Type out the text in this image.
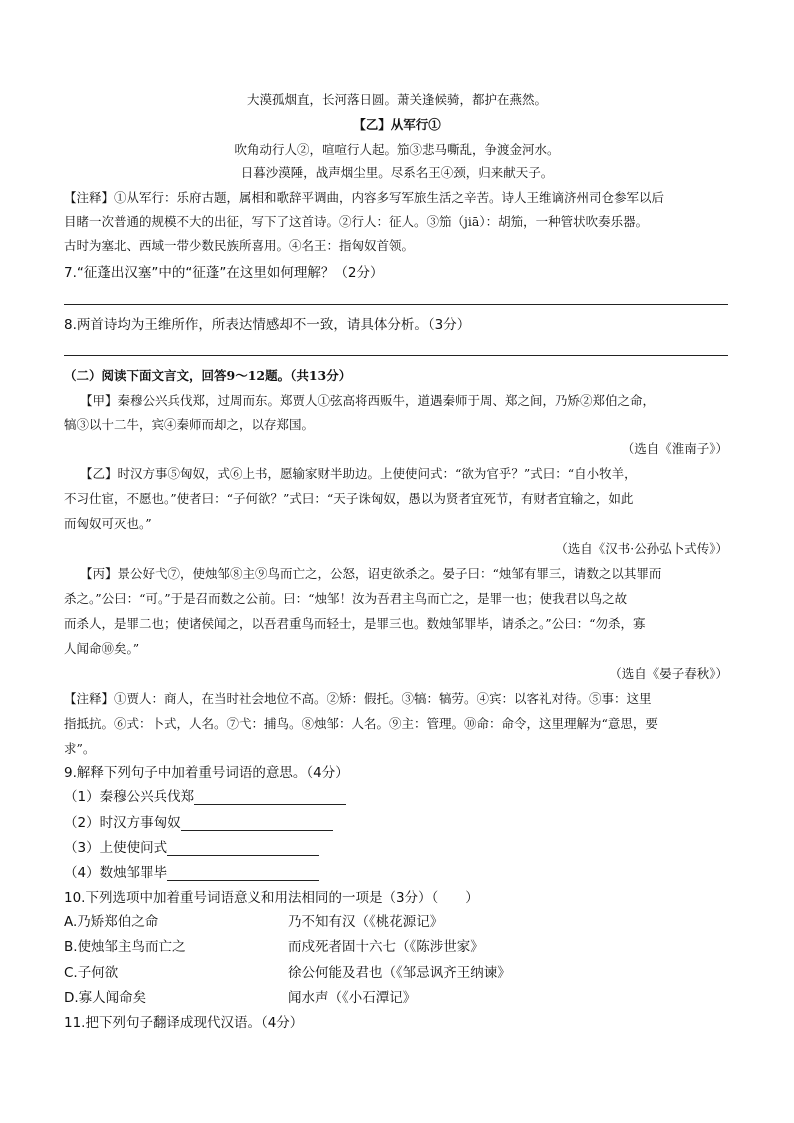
大漠孤烟直，长河落日圆。萧关逢候骑，都护在燕然。
【乙】从军行①
吹角动行人②，喧喧行人起。笳③悲马嘶乱，争渡金河水。
日暮沙漠陲，战声烟尘里。尽系名王④颈，归来献天子。
【注释】①从军行：乐府古题，属相和歌辞平调曲，内容多写军旅生活之辛苦。诗人王维谪济州司仓参军以后
目睹一次普通的规模不大的出征，写下了这首诗。②行人：征人。③笳（jiā）：胡笳，一种管状吹奏乐器。
古时为塞北、西域一带少数民族所喜用。④名王：指匈奴首领。
7.“征蓬出汉塞”中的“征蓬”在这里如何理解？（2分）
8.两首诗均为王维所作，所表达情感却不一致，请具体分析。（3分）
（二）阅读下面文言文，回答9～12题。（共13分）
【甲】秦穆公兴兵伐郑，过周而东。郑贾人①弦高将西贩牛，道遇秦师于周、郑之间，乃矫②郑伯之命，
犒③以十二牛，宾④秦师而却之，以存郑国。
（选自《淮南子》）
【乙】时汉方事⑤匈奴，式⑥上书，愿输家财半助边。上使使问式：“欲为官乎？”式曰：“自小牧羊，
不习仕宦，不愿也。”使者曰：“子何欲？”式曰：“天子诛匈奴，愚以为贤者宜死节，有财者宜输之，如此
而匈奴可灭也。”
（选自《汉书·公孙弘卜式传》）
【丙】景公好弋⑦，使烛邹⑧主⑨鸟而亡之，公怒，诏吏欲杀之。晏子曰：“烛邹有罪三，请数之以其罪而
杀之。”公曰：“可。”于是召而数之公前。曰：“烛邹！汝为吾君主鸟而亡之，是罪一也；使我君以鸟之故
而杀人，是罪二也；使诸侯闻之，以吾君重鸟而轻士，是罪三也。数烛邹罪毕，请杀之。”公曰：“勿杀，寡
人闻命⑩矣。”
（选自《晏子春秋》）
【注释】①贾人：商人，在当时社会地位不高。②矫：假托。③犒：犒劳。④宾：以客礼对待。⑤事：这里
指抵抗。⑥式：卜式，人名。⑦弋：捕鸟。⑧烛邹：人名。⑨主：管理。⑩命：命令，这里理解为“意思，要
求”。
9.解释下列句子中加着重号词语的意思。（4分）
（1）秦穆公兴兵伐郑
（2）时汉方事匈奴
（3）上使使问式
（4）数烛邹罪毕
10.下列选项中加着重号词语意义和用法相同的一项是（3分）（　　）
A.乃矫郑伯之命	乃不知有汉（《桃花源记》
B.使烛邹主鸟而亡之	而戍死者固十六七（《陈涉世家》
C.子何欲	徐公何能及君也（《邹忌讽齐王纳谏》
D.寡人闻命矣	闻水声（《小石潭记》
11.把下列句子翻译成现代汉语。（4分）
